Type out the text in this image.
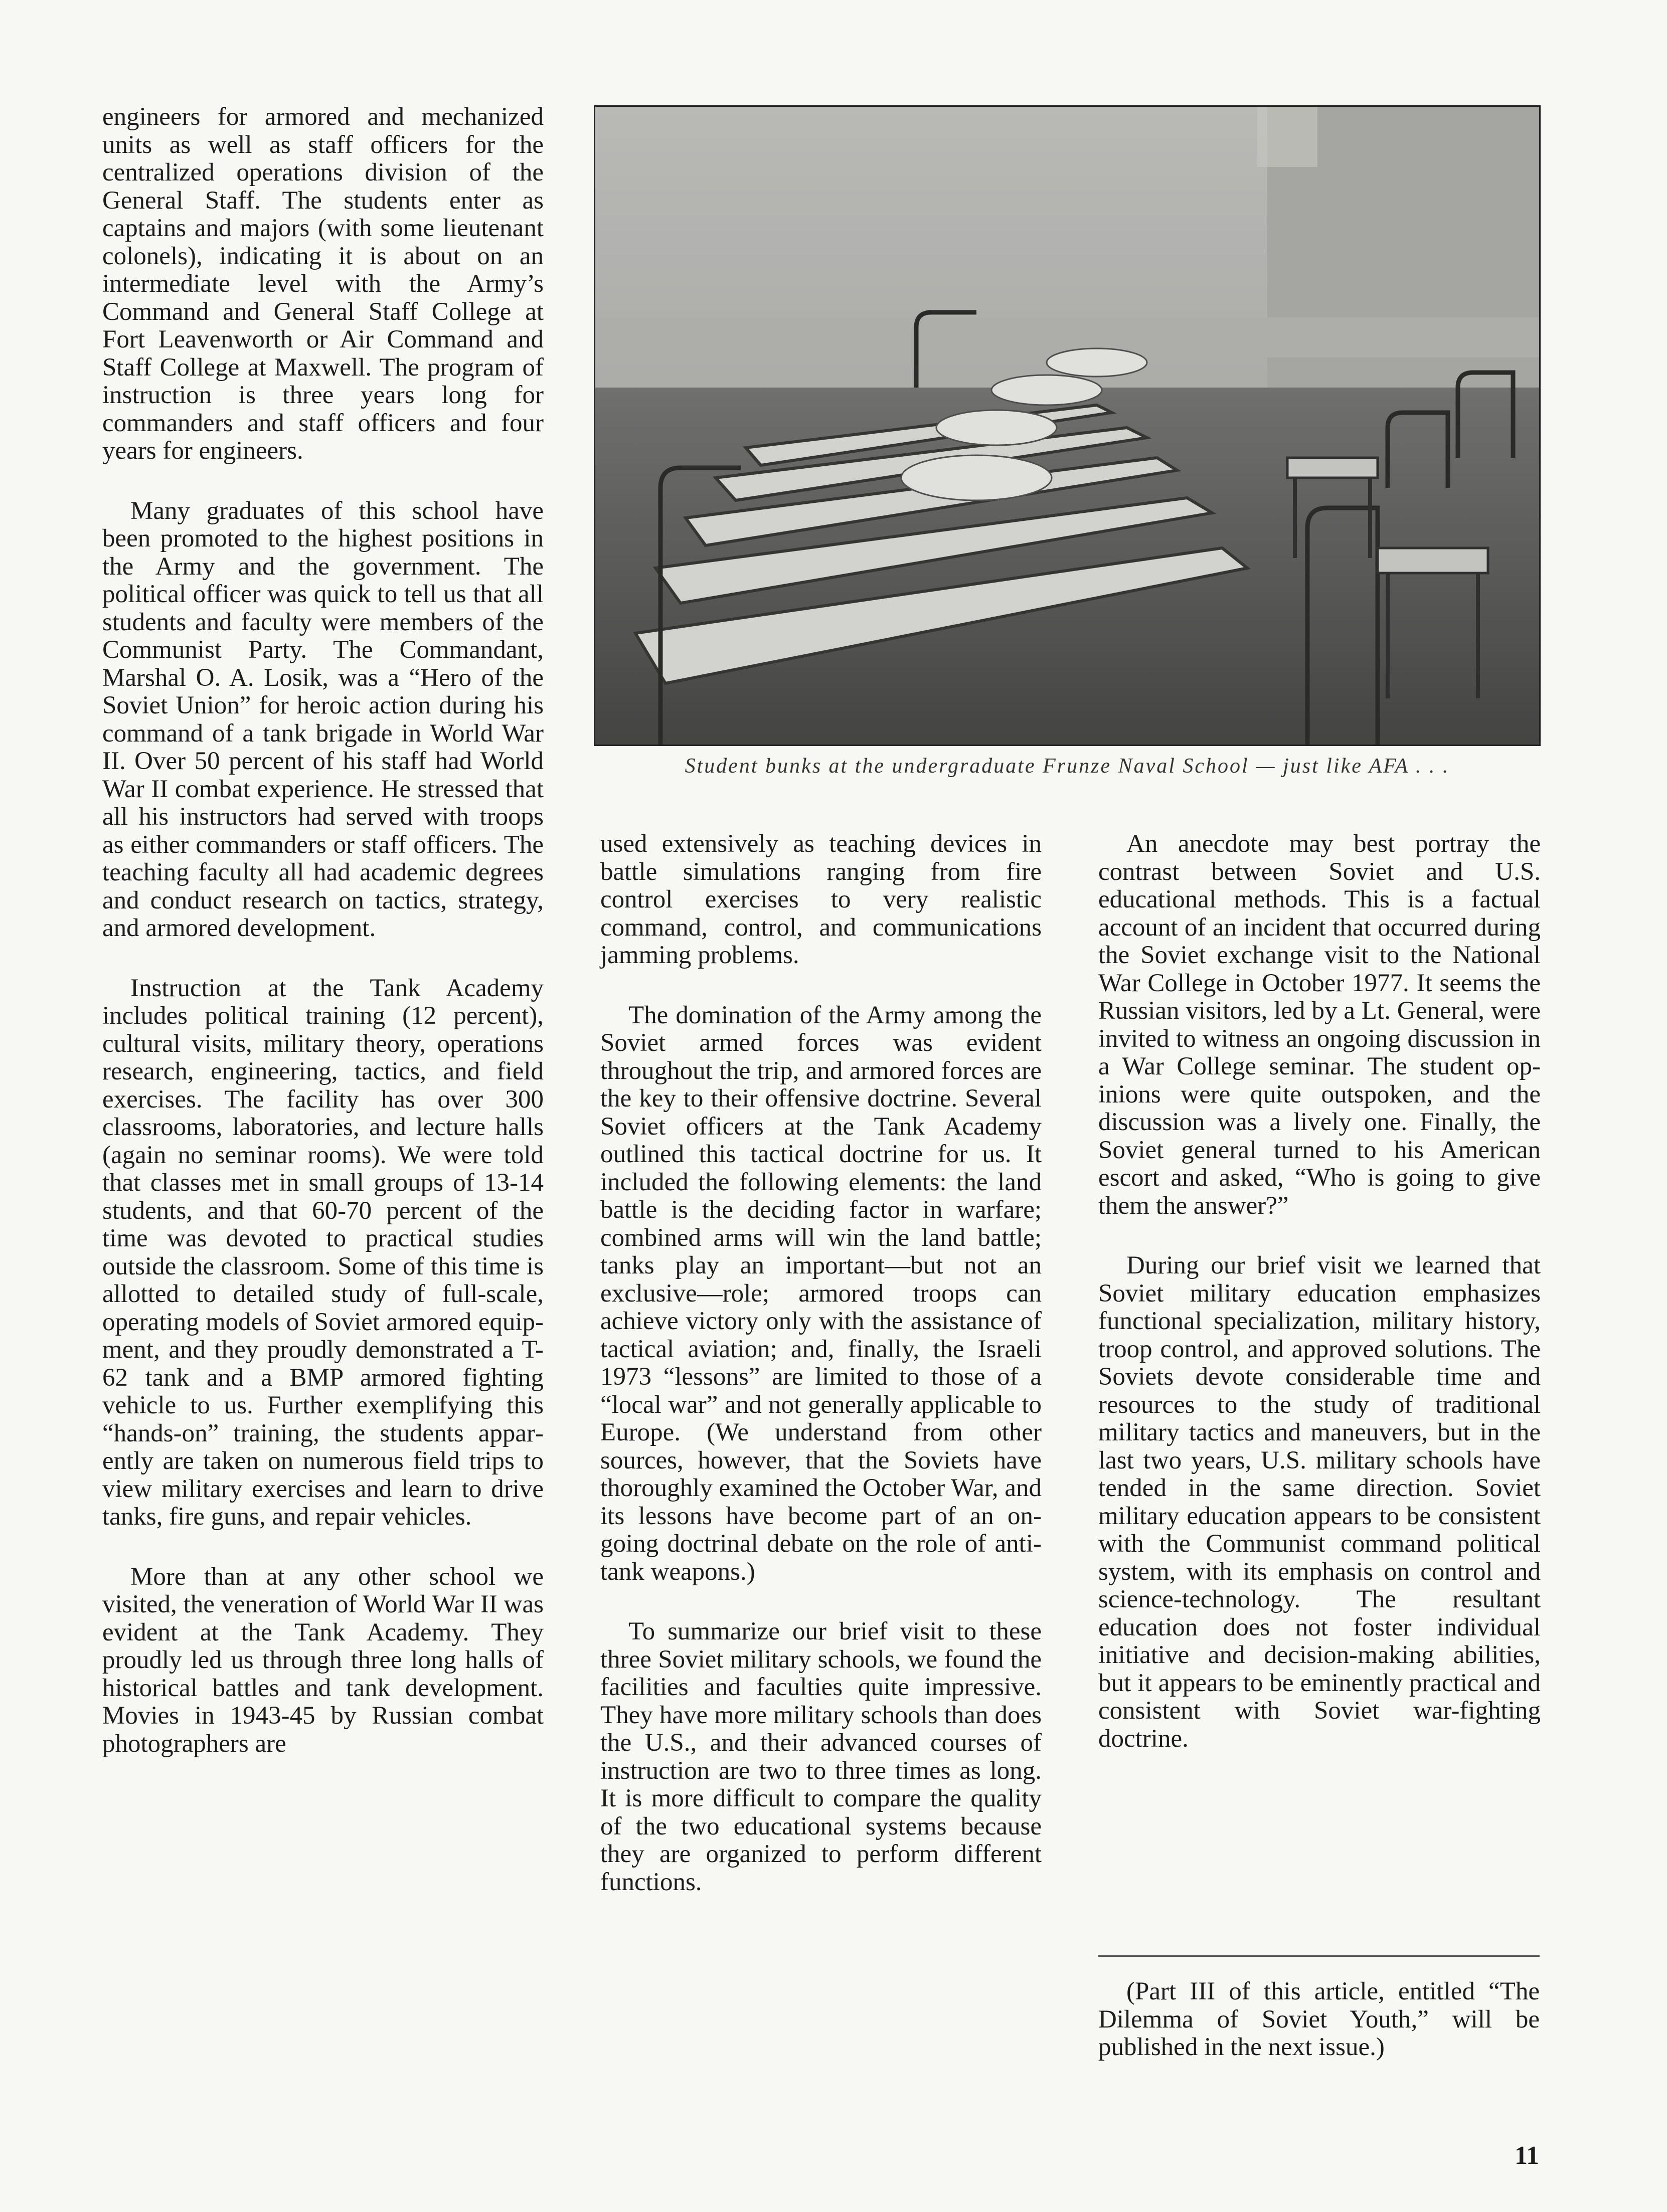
engineers for armored and mechanized units as well as staff officers for the centralized operations division of the General Staff. The students enter as captains and majors (with some lieutenant colonels), indicating it is about on an intermediate level with the Army’s Command and General Staff College at Fort Leavenworth or Air Command and Staff College at Maxwell. The program of instruction is three years long for commanders and staff officers and four years for engineers.

Many graduates of this school have been promoted to the highest positions in the Army and the government. The political officer was quick to tell us that all students and faculty were members of the Communist Party. The Commandant, Marshal O. A. Losik, was a “Hero of the Soviet Union” for heroic action during his command of a tank brigade in World War II. Over 50 percent of his staff had World War II combat experience. He stressed that all his instructors had served with troops as either commanders or staff officers. The teaching faculty all had academic degrees and conduct research on tactics, strategy, and armored development.

Instruction at the Tank Academy includes political training (12 percent), cultural visits, military theory, operations research, engineering, tactics, and field exercises. The facility has over 300 classrooms, laboratories, and lecture halls (again no seminar rooms). We were told that classes met in small groups of 13-14 students, and that 60-70 percent of the time was devoted to practical studies outside the classroom. Some of this time is allotted to detailed study of full-scale, operating models of Soviet armored equipment, and they proudly demonstrated a T-62 tank and a BMP armored fighting vehicle to us. Further exemplifying this “hands-on” training, the students apparently are taken on numerous field trips to view military exercises and learn to drive tanks, fire guns, and repair vehicles.

More than at any other school we visited, the veneration of World War II was evident at the Tank Academy. They proudly led us through three long halls of historical battles and tank development. Movies in 1943-45 by Russian combat photographers are

Student bunks at the undergraduate Frunze Naval School — just like AFA . . .

used extensively as teaching devices in battle simulations ranging from fire control exercises to very realistic command, control, and communications jamming problems.

The domination of the Army among the Soviet armed forces was evident throughout the trip, and armored forces are the key to their offensive doctrine. Several Soviet officers at the Tank Academy outlined this tactical doctrine for us. It included the following elements: the land battle is the deciding factor in warfare; combined arms will win the land battle; tanks play an important—but not an exclusive—role; armored troops can achieve victory only with the assistance of tactical aviation; and, finally, the Israeli 1973 “lessons” are limited to those of a “local war” and not generally applicable to Europe. (We understand from other sources, however, that the Soviets have thoroughly examined the October War, and its lessons have become part of an on-going doctrinal debate on the role of anti-tank weapons.)

To summarize our brief visit to these three Soviet military schools, we found the facilities and faculties quite impressive. They have more military schools than does the U.S., and their advanced courses of instruction are two to three times as long. It is more difficult to compare the quality of the two educational systems because they are organized to perform different functions.

An anecdote may best portray the contrast between Soviet and U.S. educational methods. This is a factual account of an incident that occurred during the Soviet exchange visit to the National War College in October 1977. It seems the Russian visitors, led by a Lt. General, were invited to witness an ongoing discussion in a War College seminar. The student opinions were quite outspoken, and the discussion was a lively one. Finally, the Soviet general turned to his American escort and asked, “Who is going to give them the answer?”

During our brief visit we learned that Soviet military education emphasizes functional specialization, military history, troop control, and approved solutions. The Soviets devote considerable time and resources to the study of traditional military tactics and maneuvers, but in the last two years, U.S. military schools have tended in the same direction. Soviet military education appears to be consistent with the Communist command political system, with its emphasis on control and science-technology. The resultant education does not foster individual initiative and decision-making abilities, but it appears to be eminently practical and consistent with Soviet war-fighting doctrine.

(Part III of this article, entitled “The Dilemma of Soviet Youth,” will be published in the next issue.)

11
